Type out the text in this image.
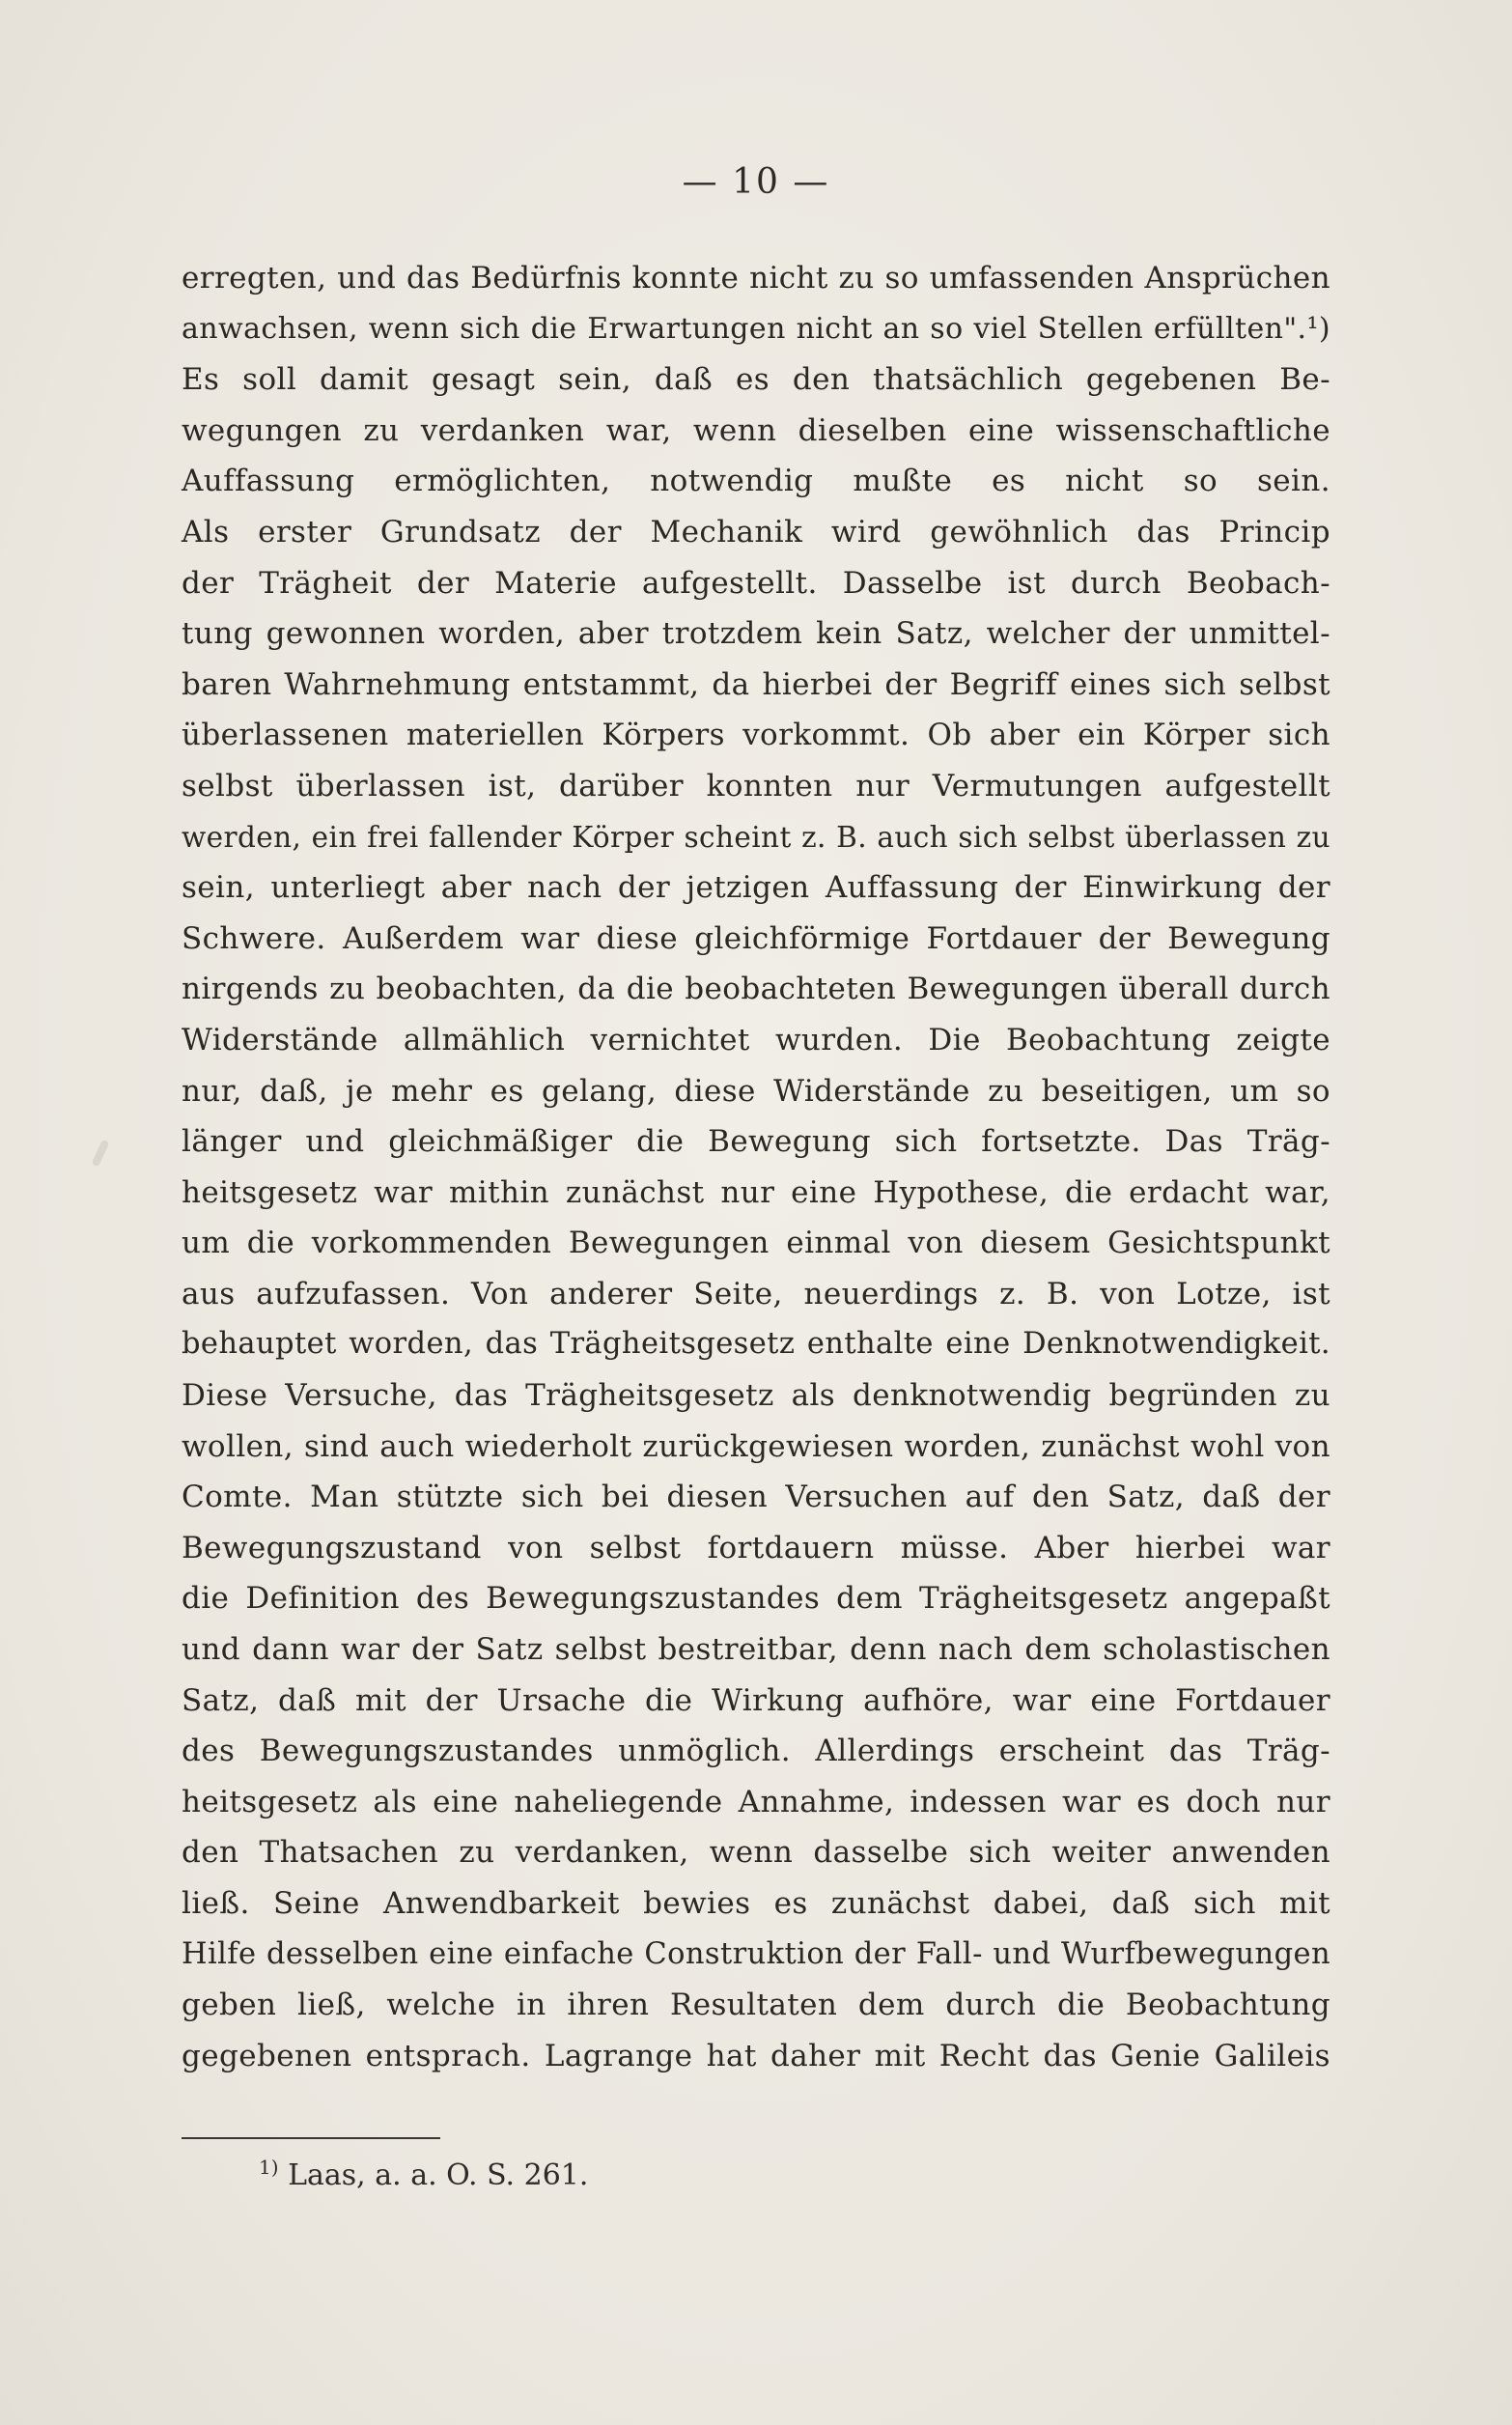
— 10 —
erregten, und das Bedürfnis konnte nicht zu so umfassenden Ansprüchen
anwachsen, wenn sich die Erwartungen nicht an so viel Stellen erfüllten".¹)
Es soll damit gesagt sein, daß es den thatsächlich gegebenen Be-
wegungen zu verdanken war, wenn dieselben eine wissenschaftliche
Auffassung ermöglichten, notwendig mußte es nicht so sein.
Als erster Grundsatz der Mechanik wird gewöhnlich das Princip
der Trägheit der Materie aufgestellt. Dasselbe ist durch Beobach-
tung gewonnen worden, aber trotzdem kein Satz, welcher der unmittel-
baren Wahrnehmung entstammt, da hierbei der Begriff eines sich selbst
überlassenen materiellen Körpers vorkommt. Ob aber ein Körper sich
selbst überlassen ist, darüber konnten nur Vermutungen aufgestellt
werden, ein frei fallender Körper scheint z. B. auch sich selbst überlassen zu
sein, unterliegt aber nach der jetzigen Auffassung der Einwirkung der
Schwere. Außerdem war diese gleichförmige Fortdauer der Bewegung
nirgends zu beobachten, da die beobachteten Bewegungen überall durch
Widerstände allmählich vernichtet wurden. Die Beobachtung zeigte
nur, daß, je mehr es gelang, diese Widerstände zu beseitigen, um so
länger und gleichmäßiger die Bewegung sich fortsetzte. Das Träg-
heitsgesetz war mithin zunächst nur eine Hypothese, die erdacht war,
um die vorkommenden Bewegungen einmal von diesem Gesichtspunkt
aus aufzufassen. Von anderer Seite, neuerdings z. B. von Lotze, ist
behauptet worden, das Trägheitsgesetz enthalte eine Denknotwendigkeit.
Diese Versuche, das Trägheitsgesetz als denknotwendig begründen zu
wollen, sind auch wiederholt zurückgewiesen worden, zunächst wohl von
Comte. Man stützte sich bei diesen Versuchen auf den Satz, daß der
Bewegungszustand von selbst fortdauern müsse. Aber hierbei war
die Definition des Bewegungszustandes dem Trägheitsgesetz angepaßt
und dann war der Satz selbst bestreitbar, denn nach dem scholastischen
Satz, daß mit der Ursache die Wirkung aufhöre, war eine Fortdauer
des Bewegungszustandes unmöglich. Allerdings erscheint das Träg-
heitsgesetz als eine naheliegende Annahme, indessen war es doch nur
den Thatsachen zu verdanken, wenn dasselbe sich weiter anwenden
ließ. Seine Anwendbarkeit bewies es zunächst dabei, daß sich mit
Hilfe desselben eine einfache Construktion der Fall- und Wurfbewegungen
geben ließ, welche in ihren Resultaten dem durch die Beobachtung
gegebenen entsprach. Lagrange hat daher mit Recht das Genie Galileis
$^{1)}$ Laas, a. a. O. S. 261.
